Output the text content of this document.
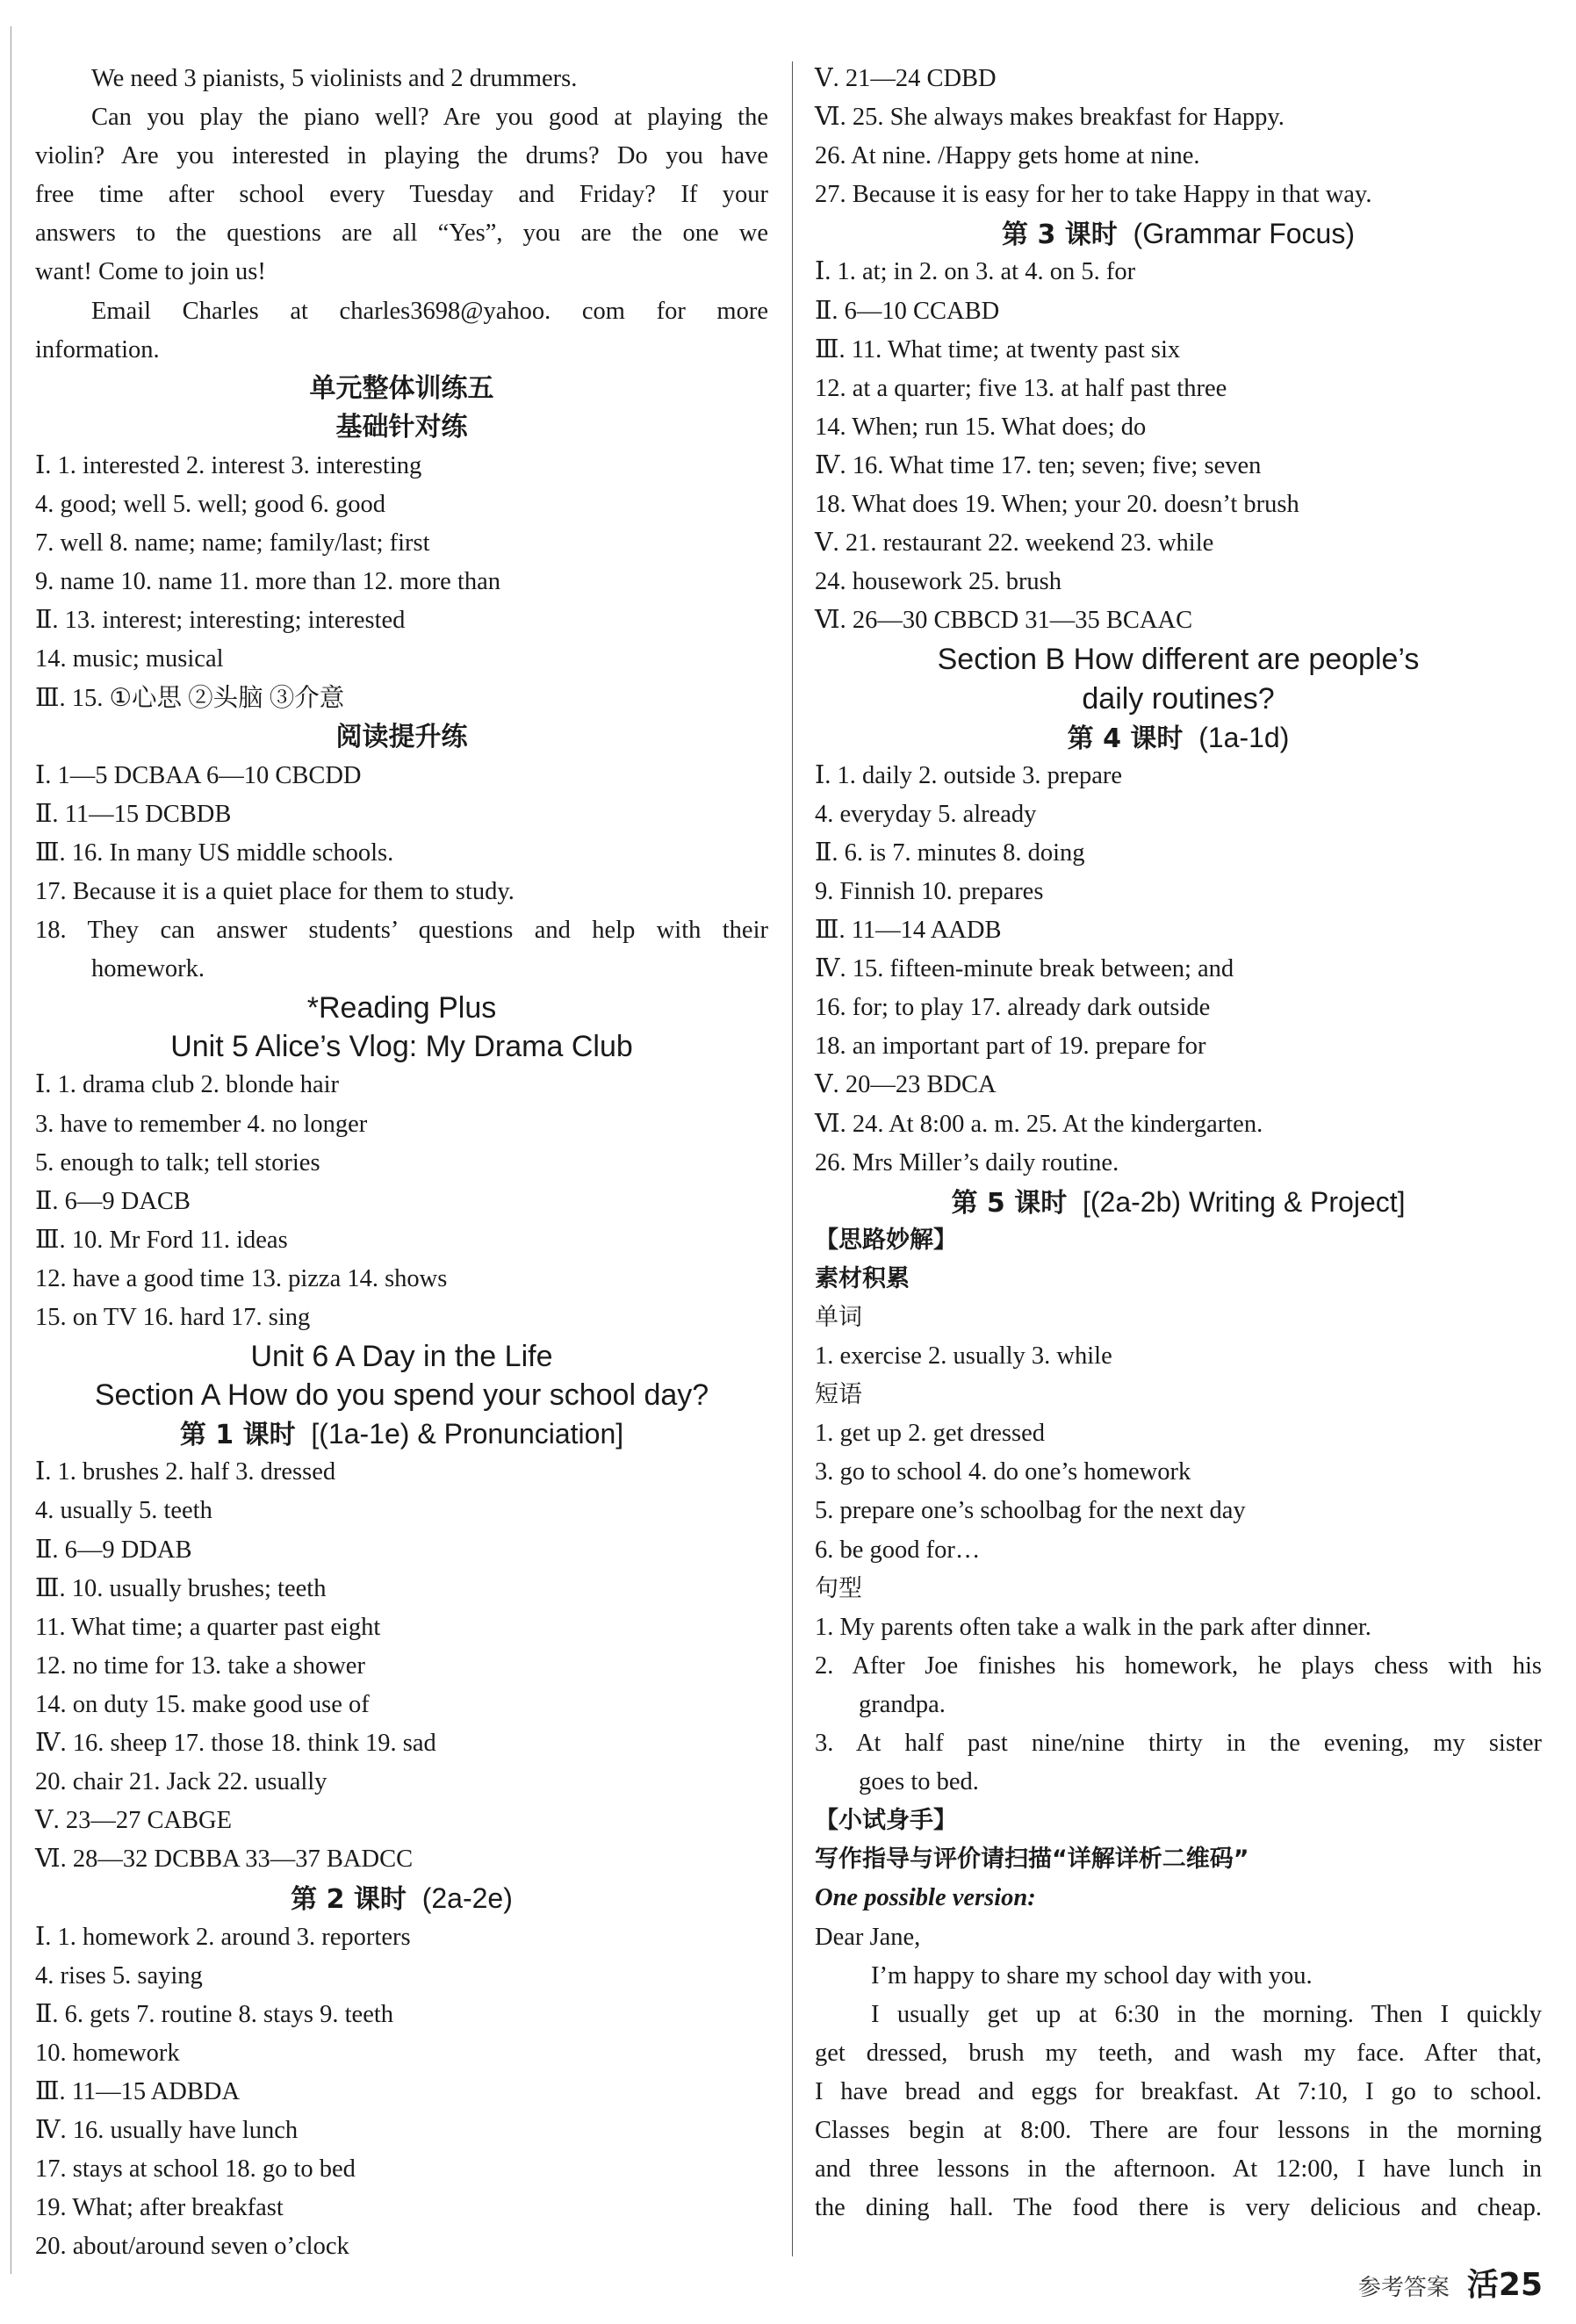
We need 3 pianists, 5 violinists and 2 drummers.
Can you play the piano well? Are you good at playing the
violin? Are you interested in playing the drums? Do you have
free time after school every Tuesday and Friday? If your
answers to the questions are all “Yes”, you are the one we
want! Come to join us!
Email Charles at charles3698@yahoo. com for more
information.
单元整体训练五
基础针对练
Ⅰ. 1. interested 2. interest 3. interesting
4. good; well 5. well; good 6. good
7. well 8. name; name; family/last; first
9. name 10. name 11. more than 12. more than
Ⅱ. 13. interest; interesting; interested
14. music; musical
Ⅲ. 15. ①心思 ②头脑 ③介意
阅读提升练
Ⅰ. 1—5 DCBAA 6—10 CBCDD
Ⅱ. 11—15 DCBDB
Ⅲ. 16. In many US middle schools.
17. Because it is a quiet place for them to study.
18. They can answer students’ questions and help with their
homework.
*Reading Plus
Unit 5 Alice’s Vlog: My Drama Club
Ⅰ. 1. drama club 2. blonde hair
3. have to remember 4. no longer
5. enough to talk; tell stories
Ⅱ. 6—9 DACB
Ⅲ. 10. Mr Ford 11. ideas
12. have a good time 13. pizza 14. shows
15. on TV 16. hard 17. sing
Unit 6 A Day in the Life
Section A How do you spend your school day?
第 1 课时 [(1a-1e) & Pronunciation]
Ⅰ. 1. brushes 2. half 3. dressed
4. usually 5. teeth
Ⅱ. 6—9 DDAB
Ⅲ. 10. usually brushes; teeth
11. What time; a quarter past eight
12. no time for 13. take a shower
14. on duty 15. make good use of
Ⅳ. 16. sheep 17. those 18. think 19. sad
20. chair 21. Jack 22. usually
Ⅴ. 23—27 CABGE
Ⅵ. 28—32 DCBBA 33—37 BADCC
第 2 课时 (2a-2e)
Ⅰ. 1. homework 2. around 3. reporters
4. rises 5. saying
Ⅱ. 6. gets 7. routine 8. stays 9. teeth
10. homework
Ⅲ. 11—15 ADBDA
Ⅳ. 16. usually have lunch
17. stays at school 18. go to bed
19. What; after breakfast
20. about/around seven o’clock
Ⅴ. 21—24 CDBD
Ⅵ. 25. She always makes breakfast for Happy.
26. At nine. /Happy gets home at nine.
27. Because it is easy for her to take Happy in that way.
第 3 课时 (Grammar Focus)
Ⅰ. 1. at; in 2. on 3. at 4. on 5. for
Ⅱ. 6—10 CCABD
Ⅲ. 11. What time; at twenty past six
12. at a quarter; five 13. at half past three
14. When; run 15. What does; do
Ⅳ. 16. What time 17. ten; seven; five; seven
18. What does 19. When; your 20. doesn’t brush
Ⅴ. 21. restaurant 22. weekend 23. while
24. housework 25. brush
Ⅵ. 26—30 CBBCD 31—35 BCAAC
Section B How different are people’s
daily routines?
第 4 课时 (1a-1d)
Ⅰ. 1. daily 2. outside 3. prepare
4. everyday 5. already
Ⅱ. 6. is 7. minutes 8. doing
9. Finnish 10. prepares
Ⅲ. 11—14 AADB
Ⅳ. 15. fifteen-minute break between; and
16. for; to play 17. already dark outside
18. an important part of 19. prepare for
Ⅴ. 20—23 BDCA
Ⅵ. 24. At 8:00 a. m. 25. At the kindergarten.
26. Mrs Miller’s daily routine.
第 5 课时 [(2a-2b) Writing & Project]
【思路妙解】
素材积累
单词
1. exercise 2. usually 3. while
短语
1. get up 2. get dressed
3. go to school 4. do one’s homework
5. prepare one’s schoolbag for the next day
6. be good for…
句型
1. My parents often take a walk in the park after dinner.
2. After Joe finishes his homework, he plays chess with his
grandpa.
3. At half past nine/nine thirty in the evening, my sister
goes to bed.
【小试身手】
写作指导与评价请扫描“详解详析二维码”
One possible version:
Dear Jane,
I’m happy to share my school day with you.
I usually get up at 6:30 in the morning. Then I quickly
get dressed, brush my teeth, and wash my face. After that,
I have bread and eggs for breakfast. At 7:10, I go to school.
Classes begin at 8:00. There are four lessons in the morning
and three lessons in the afternoon. At 12:00, I have lunch in
the dining hall. The food there is very delicious and cheap.
参考答案 活25
